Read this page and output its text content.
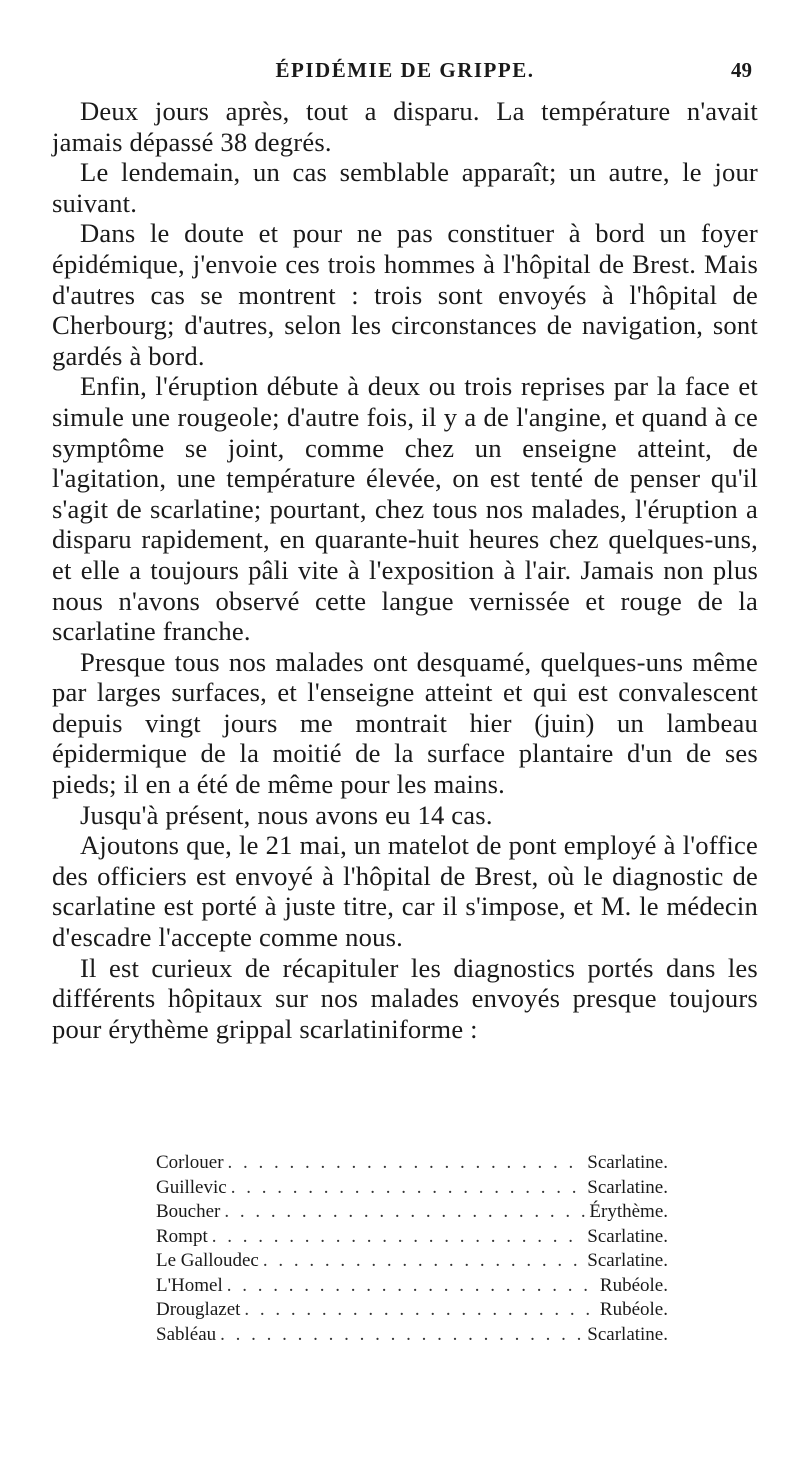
ÉPIDÉMIE DE GRIPPE.	49

Deux jours après, tout a disparu. La température n'avait jamais dépassé 38 degrés.

Le lendemain, un cas semblable apparaît; un autre, le jour suivant.

Dans le doute et pour ne pas constituer à bord un foyer épidémique, j'envoie ces trois hommes à l'hôpital de Brest. Mais d'autres cas se montrent : trois sont envoyés à l'hôpital de Cherbourg; d'autres, selon les circonstances de navigation, sont gardés à bord.

Enfin, l'éruption débute à deux ou trois reprises par la face et simule une rougeole; d'autre fois, il y a de l'angine, et quand à ce symptôme se joint, comme chez un enseigne atteint, de l'agitation, une température élevée, on est tenté de penser qu'il s'agit de scarlatine; pourtant, chez tous nos malades, l'éruption a disparu rapidement, en quarante-huit heures chez quelques-uns, et elle a toujours pâli vite à l'exposition à l'air. Jamais non plus nous n'avons observé cette langue vernissée et rouge de la scarlatine franche.

Presque tous nos malades ont desquamé, quelques-uns même par larges surfaces, et l'enseigne atteint et qui est convalescent depuis vingt jours me montrait hier (juin) un lambeau épidermique de la moitié de la surface plantaire d'un de ses pieds; il en a été de même pour les mains.

Jusqu'à présent, nous avons eu 14 cas.

Ajoutons que, le 21 mai, un matelot de pont employé à l'office des officiers est envoyé à l'hôpital de Brest, où le diagnostic de scarlatine est porté à juste titre, car il s'impose, et M. le médecin d'escadre l'accepte comme nous.

Il est curieux de récapituler les diagnostics portés dans les différents hôpitaux sur nos malades envoyés presque toujours pour érythème grippal scarlatiniforme :

Corlouer . . .	Scarlatine.
Guillevic . . .	Scarlatine.
Boucher . . .	Érythème.
Rompt . . .	Scarlatine.
Le Galloudec . . .	Scarlatine.
L'Homel . . .	Rubéole.
Drouglazet . . .	Rubéole.
Sabléau . . .	Scarlatine.
